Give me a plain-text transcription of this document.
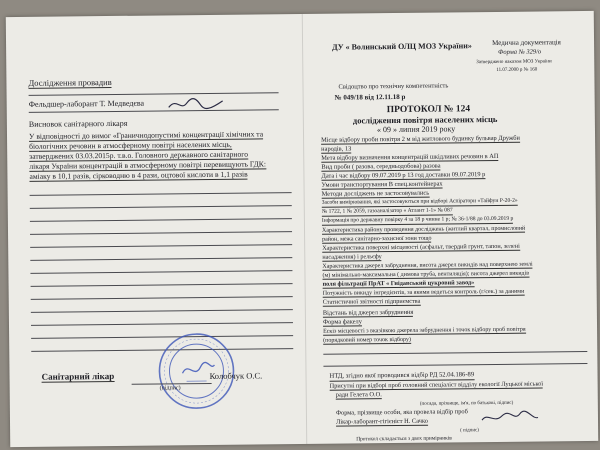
Дослідження провадив
Фельдшер-лаборант Т. Медведєва
Висновок санітарного лікаря
У відповідності до вимог «Граничнодопустимі концентрації хімічних та
біологічних речовин в атмосферному повітрі населених місць,
затверджених 03.03.2015р. т.в.о. Головного державного санітарного
лікаря України концентрацій в атмосферному повітрі перевищують ГДК:
аміаку в 10,1 разів, сірководню в 4 рази, оцтової кислоти в 1,1 разів
Санітарний лікар	Колобчук О.С.
(підпис)
ДУ « Волинський ОЛЦ МОЗ України»	Медична документація
Форма № 329/о
Затверджено наказом МОЗ України
11.07.2000 р № 160
Свідоцтво про технічну компетентність
№ 049/18 від 12.11.18 р
ПРОТОКОЛ № 124
дослідження повітря населених місць
« 09 » липня 2019 року
Місце відбору проби повітря 2 м від житлового будинку бульвар Дружби
народів, 13
Мета відбору визначення концентрацій шкідливих речовин в АП
Вид проби ( разова, середньодобова) разова
Дата і час відбору 09.07.2019 р 13 год доставки 09.07.2019 р
Умови транспортування В спец.контейнерах
Методи досліджень не застосовувались
Засоби вимірювання, які застосовуються при відборі Аспіратори «Тайфун Р-20-2»
№ 1722, 1 № 2059, газоаналізатор « Атлант 1-1» № 087
Інформація про державну повірку 4 за 18 р чинне 1 р; № 36-1/88 до 03.09.2019 р
Характеристика району проведення досліджень (житлий квартал, промисловий
район, межа санітарно-захисної зони тощо
Характеристика поверхні місцевості (асфальт, твердий грунт, тапон, зелені
насадження) і рельєфу
Характеристика джерел забруднення, висота джерел викидів над поверхнею землі
(м) мінімально-максимальна ( димова труба, вентиляція); висота джерел викидів
поля фільтрації ПрАТ « Гнідавський цукровий завод»
Потужність викиду інгредієнтів, за якими ведеться контроль (г/сек.) за даними
Статистичної звітності підприємства
Відстань від джерел забруднення
Форма факелу
Ескіз місцевості з вказівкою джерела забруднення і точок відбору проб повітря
(порядковий номер точок відбору)
НТД, згідно якої проводився відбір РД 52.04.186-89
Присутні при відборі проб головний спеціаліст відділу екології Луцької міської
ради Гелета О.О.
(посада, прізвище, ім'я, по батькові, підпис)
Форма, прізвище особи, яка провела відбір проб
Лікар-лаборант-гігієніст Н. Сачко
( підпис)
Протокол складається з двох примірників
